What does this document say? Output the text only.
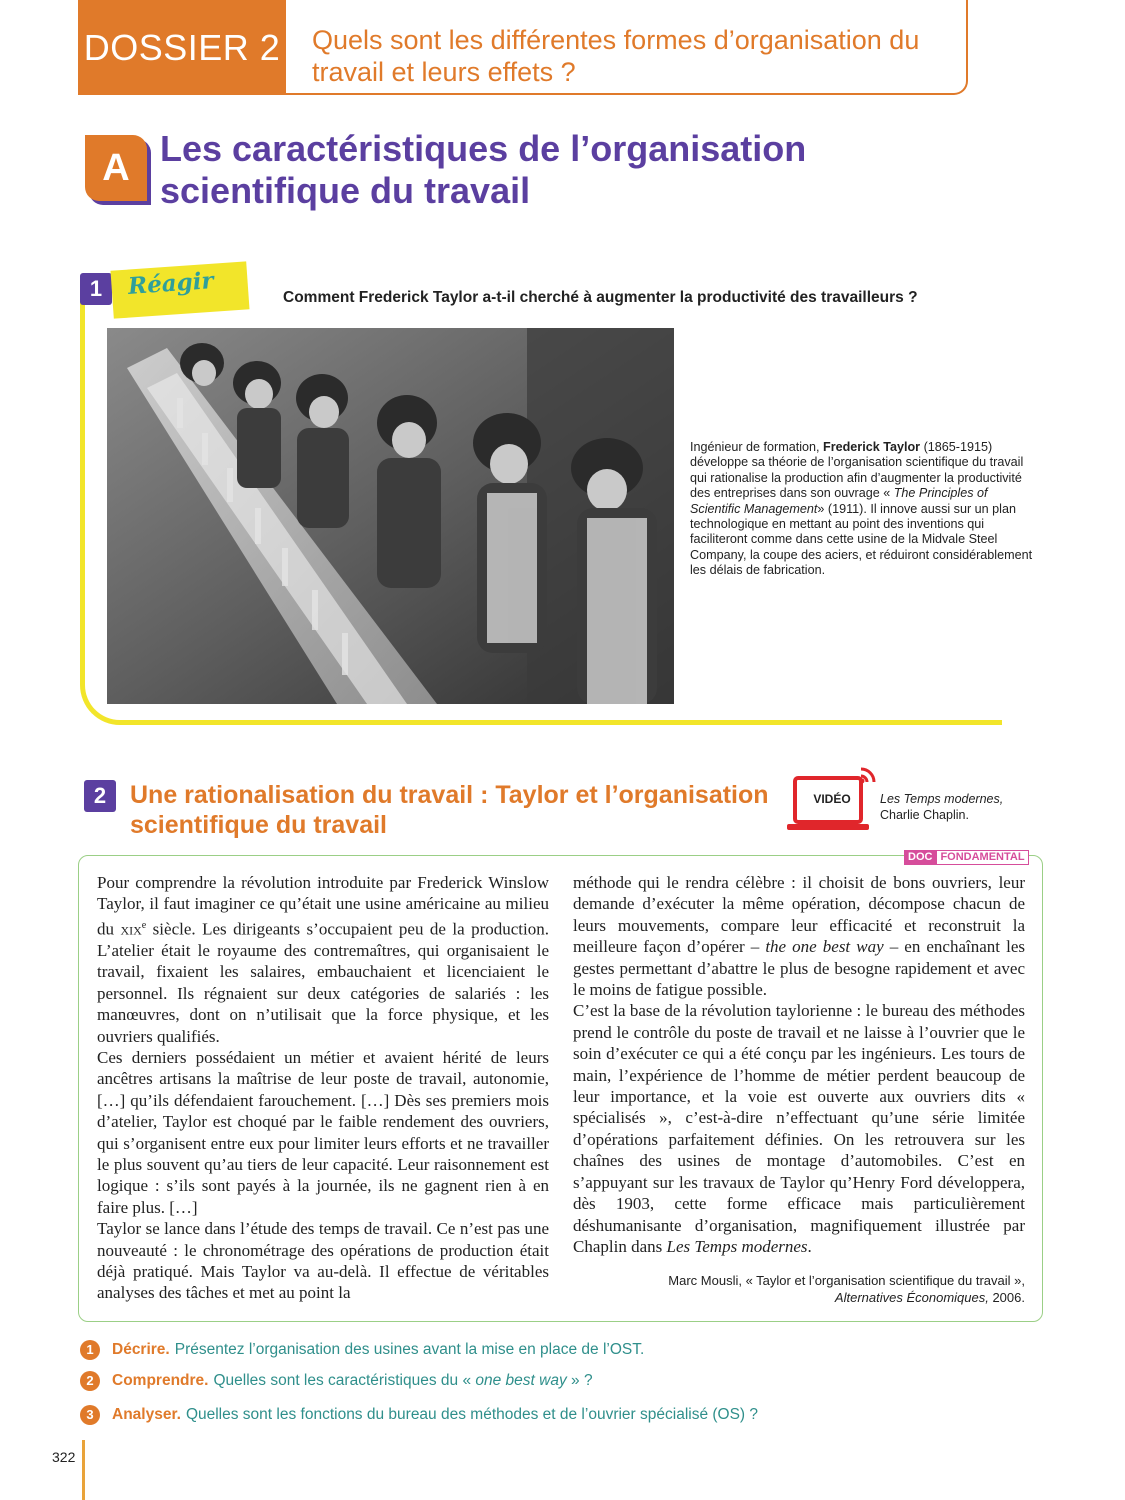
DOSSIER 2 Quels sont les différentes formes d’organisation du travail et leurs effets ?
A Les caractéristiques de l’organisation scientifique du travail
1	Réagir	Comment Frederick Taylor a-t-il cherché à augmenter la productivité des travailleurs ?
Ingénieur de formation, Frederick Taylor (1865-1915) développe sa théorie de l’organisation scientifique du travail qui rationalise la production afin d’augmenter la productivité des entreprises dans son ouvrage « The Principles of Scientific Management» (1911). Il innove aussi sur un plan technologique en mettant au point des inventions qui faciliteront comme dans cette usine de la Midvale Steel Company, la coupe des aciers, et réduiront considérablement les délais de fabrication.
2 Une rationalisation du travail : Taylor et l’organisation scientifique du travail
VIDÉO	Les Temps modernes,
Charlie Chaplin.
DOC FONDAMENTAL

Pour comprendre la révolution introduite par Frederick Winslow Taylor, il faut imaginer ce qu’était une usine américaine au milieu du xix$^e$ siècle. Les dirigeants s’occupaient peu de la production. L’atelier était le royaume des contremaîtres, qui organisaient le travail, fixaient les salaires, embauchaient et licenciaient le personnel. Ils régnaient sur deux catégories de salariés : les manœuvres, dont on n’utilisait que la force physique, et les ouvriers qualifiés.

Ces derniers possédaient un métier et avaient hérité de leurs ancêtres artisans la maîtrise de leur poste de travail, autonomie, […] qu’ils défendaient farouchement. […] Dès ses premiers mois d’atelier, Taylor est choqué par le faible rendement des ouvriers, qui s’organisent entre eux pour limiter leurs efforts et ne travailler le plus souvent qu’au tiers de leur capacité. Leur raisonnement est logique : s’ils sont payés à la journée, ils ne gagnent rien à en faire plus. […]

Taylor se lance dans l’étude des temps de travail. Ce n’est pas une nouveauté : le chronométrage des opérations de production était déjà pratiqué. Mais Taylor va au-delà. Il effectue de véritables analyses des tâches et met au point la

méthode qui le rendra célèbre : il choisit de bons ouvriers, leur demande d’exécuter la même opération, décompose chacun de leurs mouvements, compare leur efficacité et reconstruit la meilleure façon d’opérer – the one best way – en enchaînant les gestes permettant d’abattre le plus de besogne rapidement et avec le moins de fatigue possible.

C’est la base de la révolution taylorienne : le bureau des méthodes prend le contrôle du poste de travail et ne laisse à l’ouvrier que le soin d’exécuter ce qui a été conçu par les ingénieurs. Les tours de main, l’expérience de l’homme de métier perdent beaucoup de leur importance, et la voie est ouverte aux ouvriers dits « spécialisés », c’est-à-dire n’effectuant qu’une série limitée d’opérations parfaitement définies. On les retrouvera sur les chaînes des usines de montage d’automobiles. C’est en s’appuyant sur les travaux de Taylor qu’Henry Ford développera, dès 1903, cette forme efficace mais particulièrement déshumanisante d’organisation, magnifiquement illustrée par Chaplin dans Les Temps modernes.

Marc Mousli, « Taylor et l’organisation scientifique du travail », Alternatives Économiques, 2006.
1	Décrire. Présentez l’organisation des usines avant la mise en place de l’OST.
2	Comprendre. Quelles sont les caractéristiques du « one best way » ?
3	Analyser. Quelles sont les fonctions du bureau des méthodes et de l’ouvrier spécialisé (OS) ?
322
